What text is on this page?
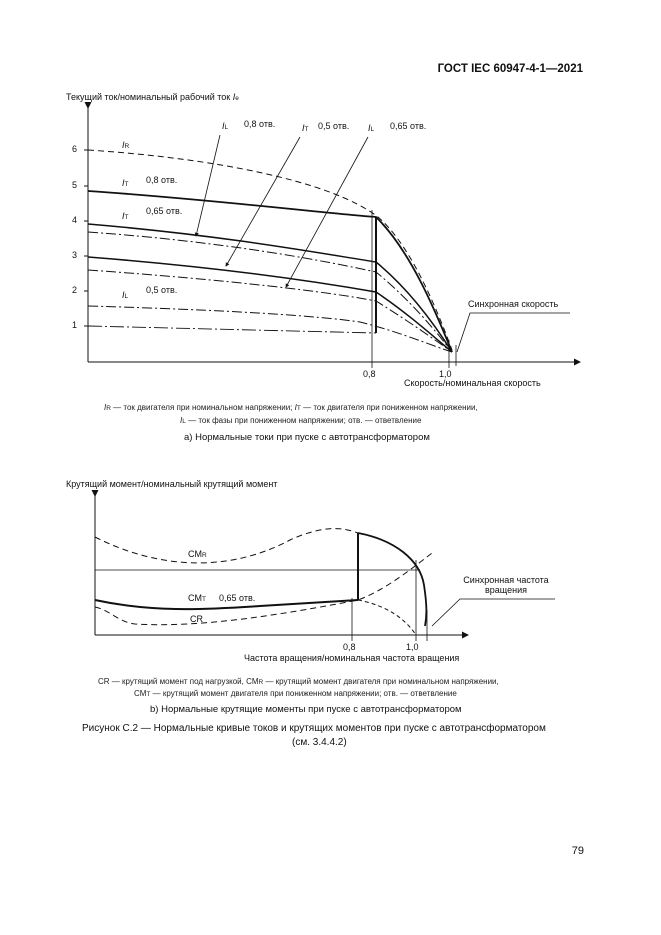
ГОСТ IEC 60947-4-1—2021
Текущий ток/номинальный рабочий ток Ie
6
5
4
3
2
1
0,8	1,0
Скорость/номинальная скорость
Синхронная скорость
IR
IT 0,8 отв.
IT
0,65 отв.
IL
0,5 отв.
IL 0,8 отв.	IT 0,5 отв. IL 0,65 отв.
IR — ток двигателя при номинальном напряжении; IT — ток двигателя при пониженном напряжении,
IL — ток фазы при пониженном напряжении; отв. — ответвление
a) Нормальные токи при пуске с автотрансформатором
Крутящий момент/номинальный крутящий момент
0,8	1,0
Частота вращения/номинальная частота вращения
Синхронная частота
вращения
CMR
CMT 0,65 отв.
CR
CR — крутящий момент под нагрузкой, CMR — крутящий момент двигателя при номинальном напряжении,
CMT — крутящий момент двигателя при пониженном напряжении; отв. — ответвление
b) Нормальные крутящие моменты при пуске с автотрансформатором
Рисунок С.2 — Нормальные кривые токов и крутящих моментов при пуске с автотрансформатором
(см. 3.4.4.2)
79
